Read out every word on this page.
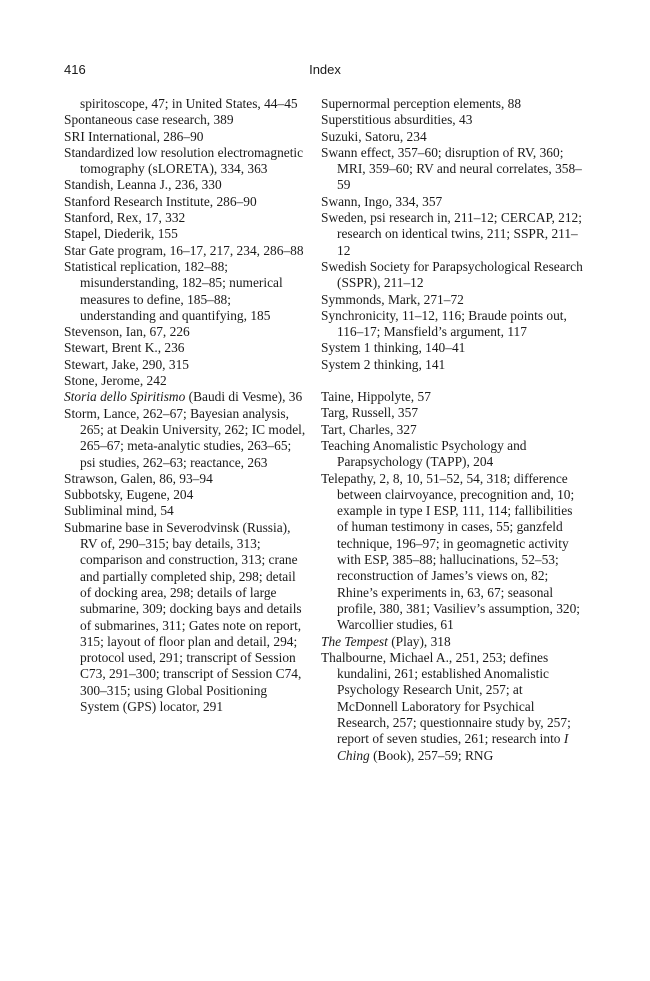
416	Index

spiritoscope, 47; in United States, 44–45

Spontaneous case research, 389

SRI International, 286–90

Standardized low resolution electromagnetic tomography (sLORETA), 334, 363

Standish, Leanna J., 236, 330

Stanford Research Institute, 286–90

Stanford, Rex, 17, 332

Stapel, Diederik, 155

Star Gate program, 16–17, 217, 234, 286–88

Statistical replication, 182–88; misunderstanding, 182–85; numerical measures to define, 185–88; understanding and quantifying, 185

Stevenson, Ian, 67, 226

Stewart, Brent K., 236

Stewart, Jake, 290, 315

Stone, Jerome, 242

Storia dello Spiritismo (Baudi di Vesme), 36

Storm, Lance, 262–67; Bayesian analysis, 265; at Deakin University, 262; IC model, 265–67; meta-analytic studies, 263–65; psi studies, 262–63; reactance, 263

Strawson, Galen, 86, 93–94

Subbotsky, Eugene, 204

Subliminal mind, 54

Submarine base in Severodvinsk (Russia), RV of, 290–315; bay details, 313; comparison and construction, 313; crane and partially completed ship, 298; detail of docking area, 298; details of large submarine, 309; docking bays and details of submarines, 311; Gates note on report, 315; layout of floor plan and detail, 294; protocol used, 291; transcript of Session C73, 291–300; transcript of Session C74, 300–315; using Global Positioning System (GPS) locator, 291

Supernormal perception elements, 88

Superstitious absurdities, 43

Suzuki, Satoru, 234

Swann effect, 357–60; disruption of RV, 360; MRI, 359–60; RV and neural correlates, 358–59

Swann, Ingo, 334, 357

Sweden, psi research in, 211–12; CERCAP, 212; research on identical twins, 211; SSPR, 211–12

Swedish Society for Parapsychological Research (SSPR), 211–12

Symmonds, Mark, 271–72

Synchronicity, 11–12, 116; Braude points out, 116–17; Mansfield’s argument, 117

System 1 thinking, 140–41

System 2 thinking, 141

Taine, Hippolyte, 57

Targ, Russell, 357

Tart, Charles, 327

Teaching Anomalistic Psychology and Parapsychology (TAPP), 204

Telepathy, 2, 8, 10, 51–52, 54, 318; difference between clairvoyance, precognition and, 10; example in type I ESP, 111, 114; fallibilities of human testimony in cases, 55; ganzfeld technique, 196–97; in geomagnetic activity with ESP, 385–88; hallucinations, 52–53; reconstruction of James’s views on, 82; Rhine’s experiments in, 63, 67; seasonal profile, 380, 381; Vasiliev’s assumption, 320; Warcollier studies, 61

The Tempest (Play), 318

Thalbourne, Michael A., 251, 253; defines kundalini, 261; established Anomalistic Psychology Research Unit, 257; at McDonnell Laboratory for Psychical Research, 257; questionnaire study by, 257; report of seven studies, 261; research into I Ching (Book), 257–59; RNG
